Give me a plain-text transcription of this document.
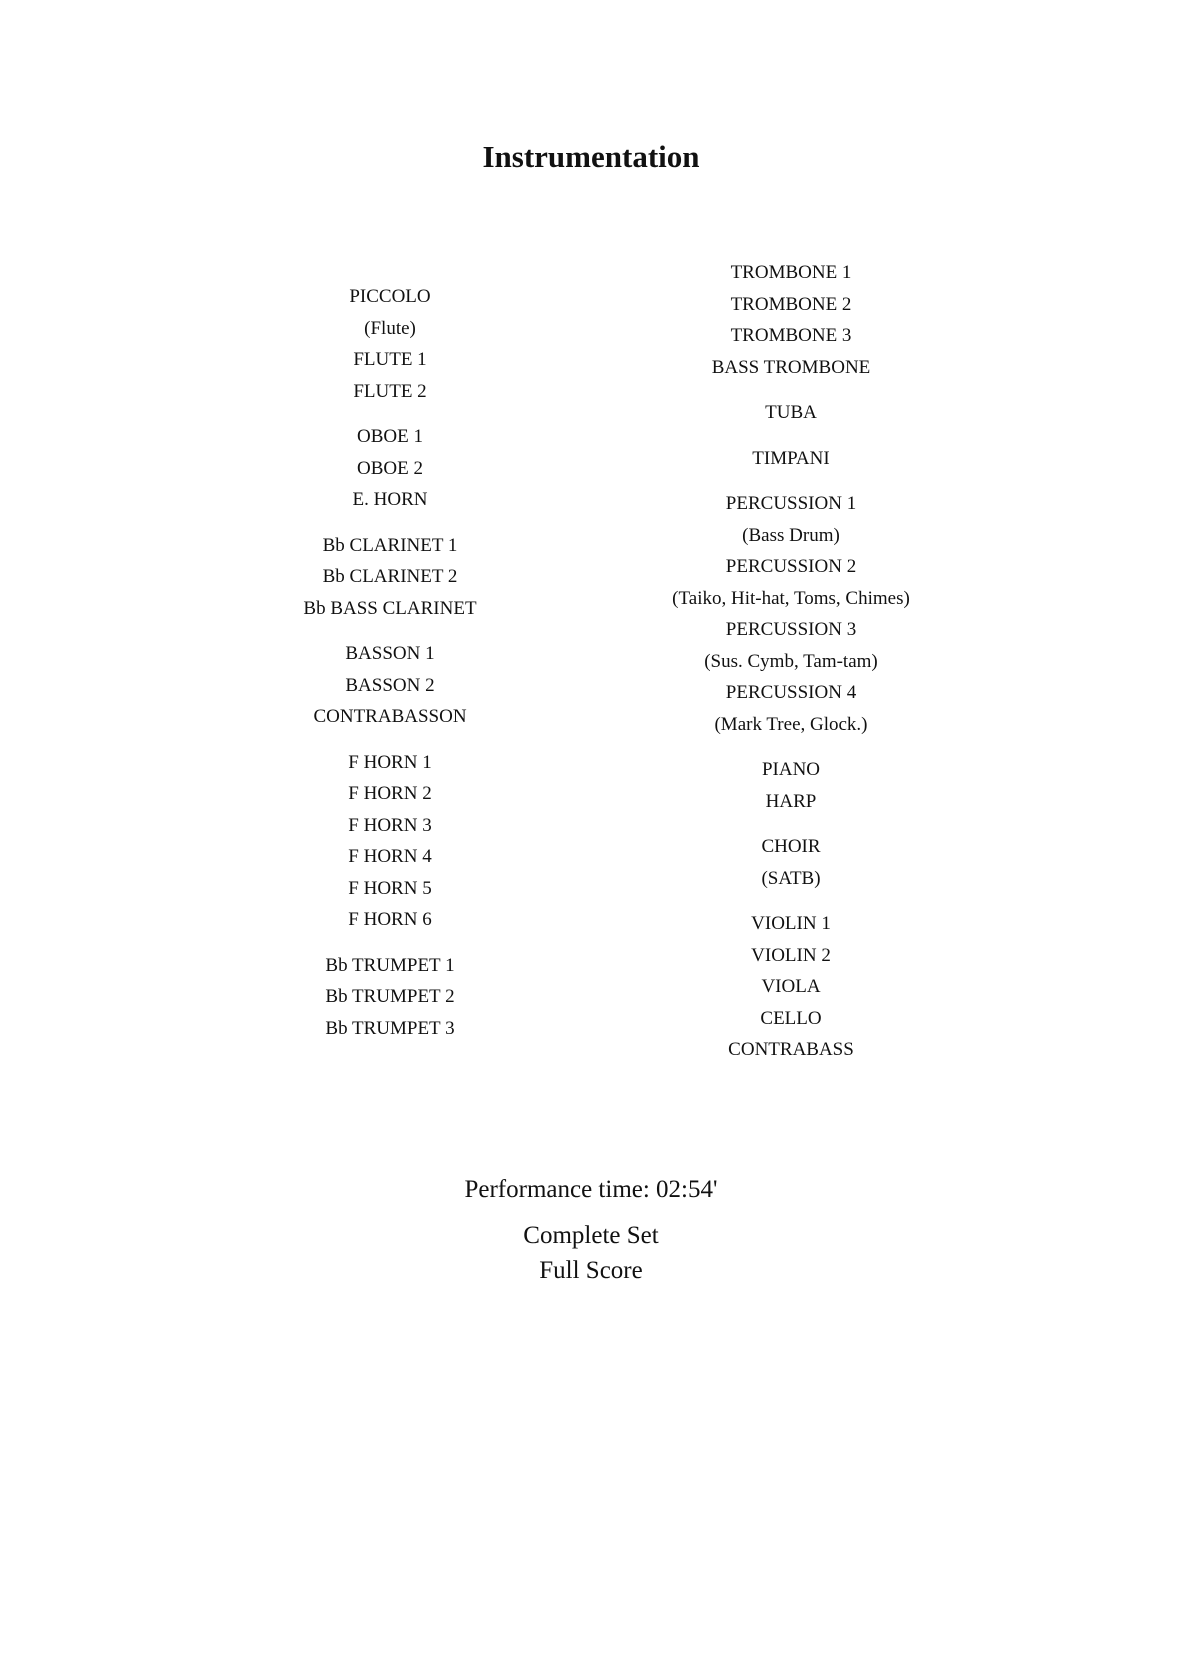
Instrumentation
PICCOLO
(Flute)
FLUTE 1
FLUTE 2
OBOE 1
OBOE 2
E. HORN
Bb CLARINET 1
Bb CLARINET 2
Bb BASS CLARINET
BASSON 1
BASSON 2
CONTRABASSON
F HORN 1
F HORN 2
F HORN 3
F HORN 4
F HORN 5
F HORN 6
Bb TRUMPET 1
Bb TRUMPET 2
Bb TRUMPET 3
TROMBONE 1
TROMBONE 2
TROMBONE 3
BASS TROMBONE
TUBA
TIMPANI
PERCUSSION 1
(Bass Drum)
PERCUSSION 2
(Taiko, Hit-hat, Toms, Chimes)
PERCUSSION 3
(Sus. Cymb, Tam-tam)
PERCUSSION 4
(Mark Tree, Glock.)
PIANO
HARP
CHOIR
(SATB)
VIOLIN 1
VIOLIN 2
VIOLA
CELLO
CONTRABASS
Performance time: 02:54'
Complete Set
Full Score
